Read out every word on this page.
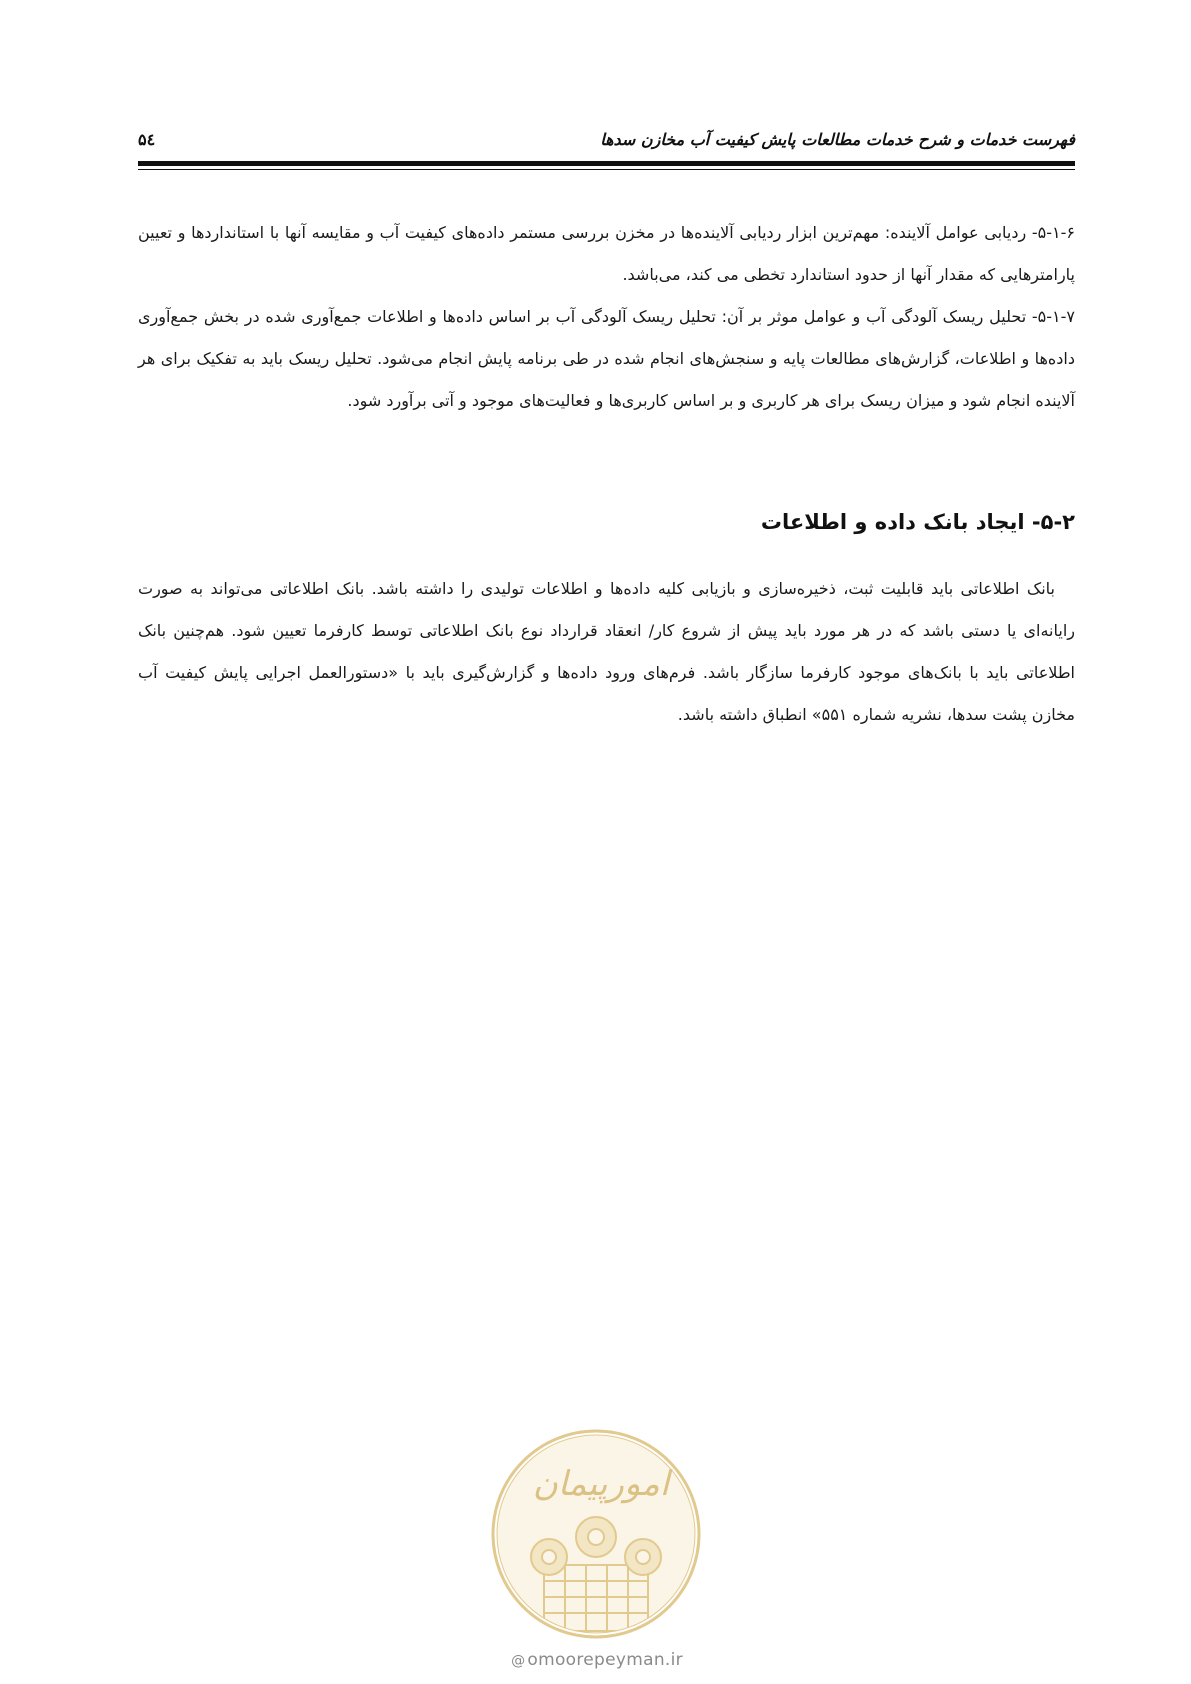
فهرست خدمات و شرح خدمات مطالعات پایش کیفیت آب مخازن سدها
۵٤

۵-۱-۶- ردیابی عوامل آلاینده: مهم‌ترین ابزار ردیابی آلاینده‌ها در مخزن بررسی مستمر داده‌های کیفیت آب و مقایسه آنها با استانداردها و تعیین پارامترهایی که مقدار آنها از حدود استاندارد تخطی می کند، می‌باشد.

۵-۱-۷- تحلیل ریسک آلودگی آب و عوامل موثر بر آن: تحلیل ریسک آلودگی آب بر اساس داده‌ها و اطلاعات جمع‌آوری شده در بخش جمع‌آوری داده‌ها و اطلاعات، گزارش‌های مطالعات پایه و سنجش‌های انجام شده در طی برنامه پایش انجام می‌شود. تحلیل ریسک باید به تفکیک برای هر آلاینده انجام شود و میزان ریسک برای هر کاربری و بر اساس کاربری‌ها و فعالیت‌های موجود و آتی برآورد شود.

۵-۲- ایجاد بانک داده و اطلاعات

بانک اطلاعاتی باید قابلیت ثبت، ذخیره‌سازی و بازیابی کلیه داده‌ها و اطلاعات تولیدی را داشته باشد. بانک اطلاعاتی می‌تواند به صورت رایانه‌ای یا دستی باشد که در هر مورد باید پیش از شروع کار/ انعقاد قرارداد نوع بانک اطلاعاتی توسط کارفرما تعیین شود. هم‌چنین بانک اطلاعاتی باید با بانک‌های موجود کارفرما سازگار باشد. فرم‌های ورود داده‌ها و گزارش‌گیری باید با «دستورالعمل اجرایی پایش کیفیت آب مخازن پشت سدها، نشریه شماره ۵۵۱» انطباق داشته باشد.

امورپیمان
@ omoorepeyman.ir
